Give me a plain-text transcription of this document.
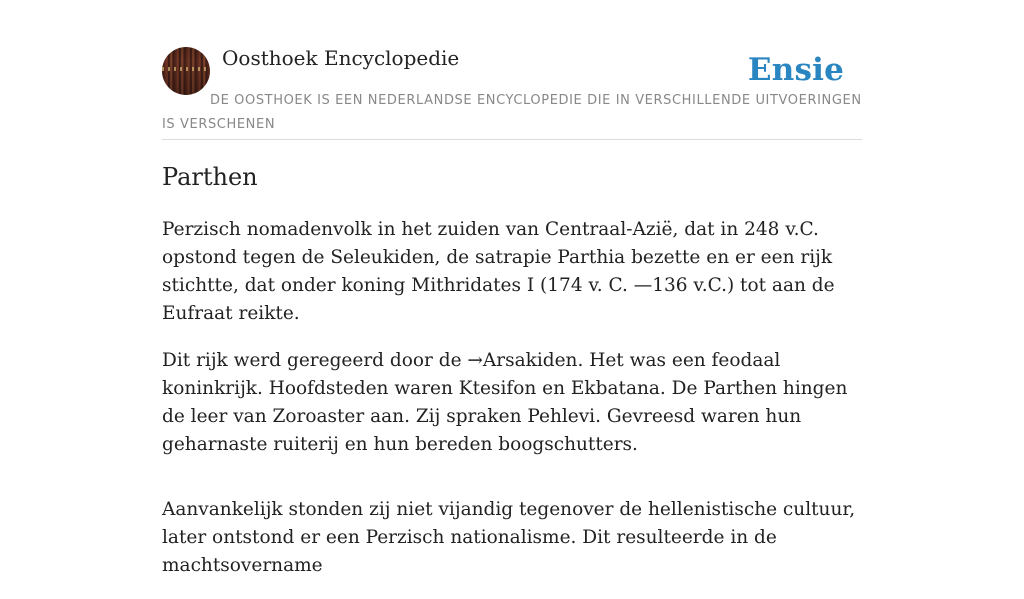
Oosthoek Encyclopedie	Ensie
DE OOSTHOEK IS EEN NEDERLANDSE ENCYCLOPEDIE DIE IN VERSCHILLENDE UITVOERINGEN IS VERSCHENEN
Parthen

Perzisch nomadenvolk in het zuiden van Centraal-Azië, dat in 248 v.C. opstond tegen de Seleukiden, de satrapie Parthia bezette en er een rijk stichtte, dat onder koning Mithridates I (174 v. C. —136 v.C.) tot aan de Eufraat reikte.

Dit rijk werd geregeerd door de →Arsakiden. Het was een feodaal koninkrijk. Hoofdsteden waren Ktesifon en Ekbatana. De Parthen hingen de leer van Zoroaster aan. Zij spraken Pehlevi. Gevreesd waren hun geharnaste ruiterij en hun bereden boogschutters.

Aanvankelijk stonden zij niet vijandig tegenover de hellenistische cultuur, later ontstond er een Perzisch nationalisme. Dit resulteerde in de machtsovername
